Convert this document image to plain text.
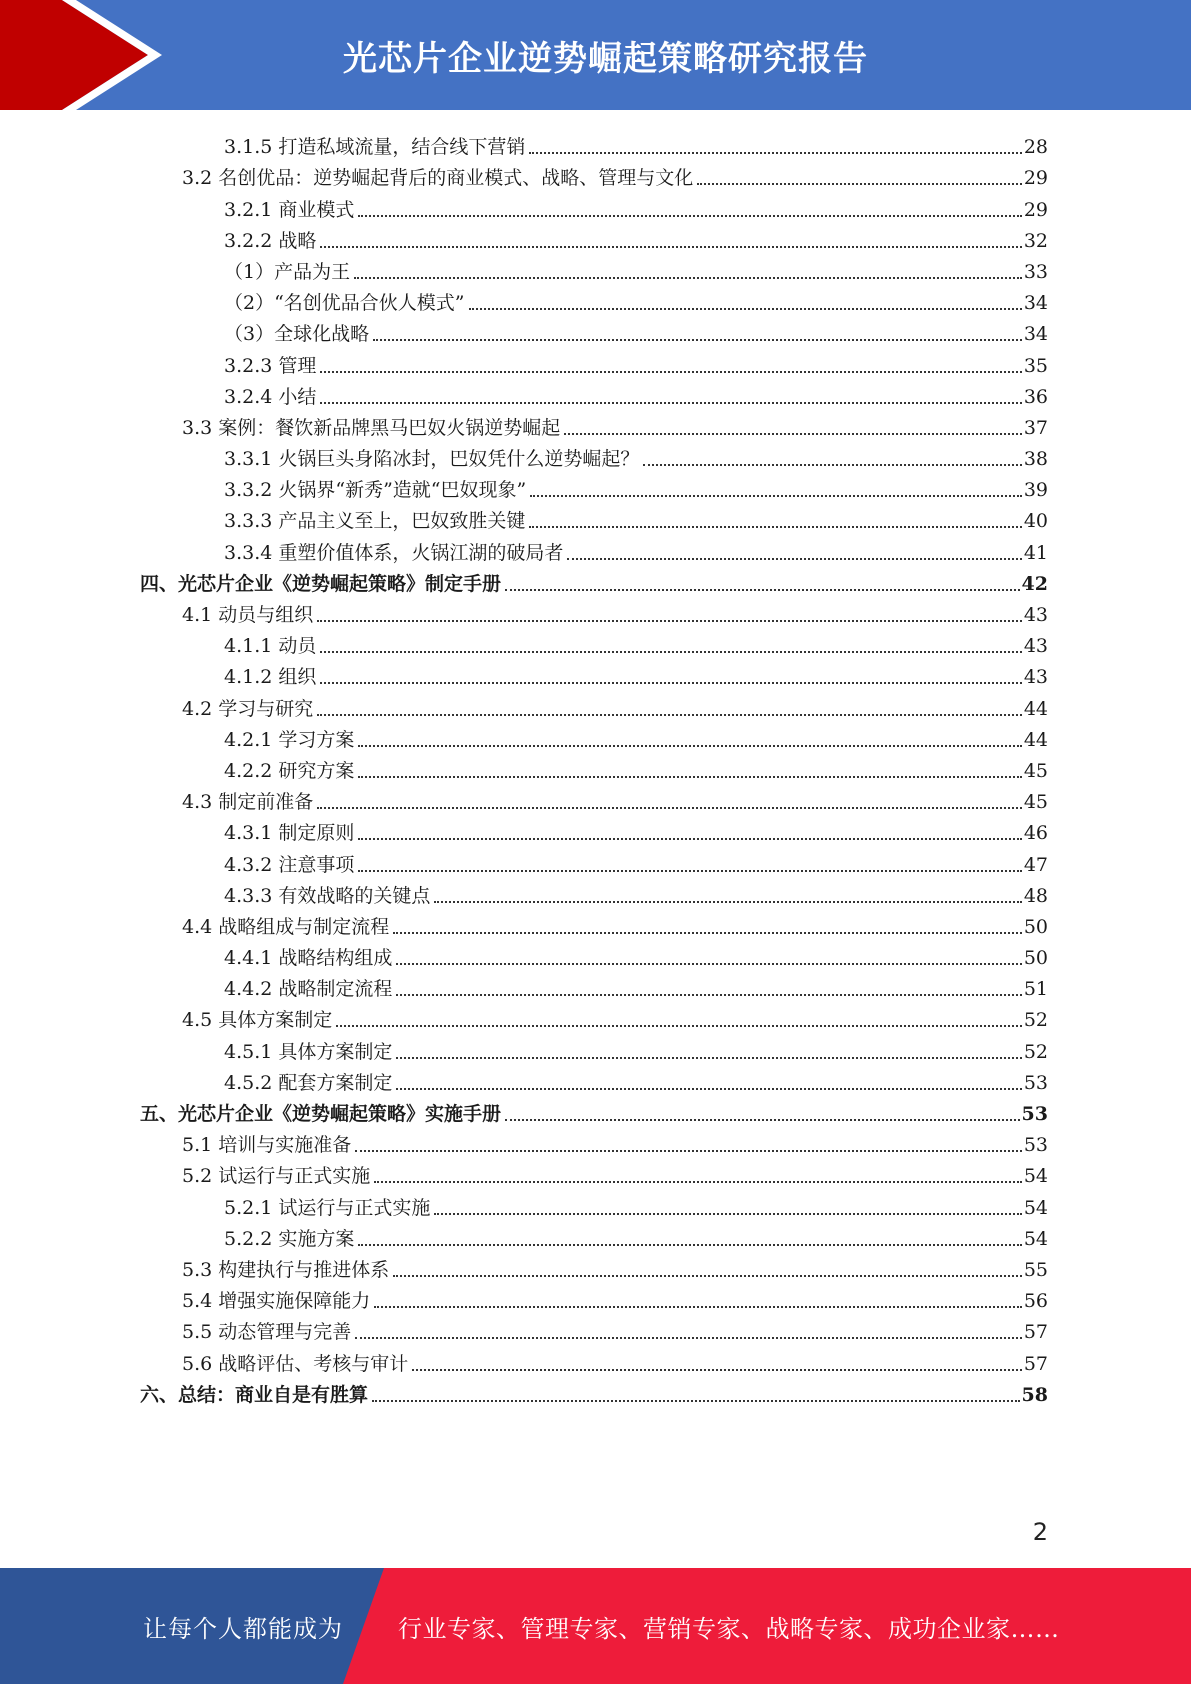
光芯片企业逆势崛起策略研究报告
3.1.5 打造私域流量，结合线下营销	28
3.2 名创优品：逆势崛起背后的商业模式、战略、管理与文化	29
3.2.1 商业模式	29
3.2.2 战略	32
（1）产品为王	33
（2）“名创优品合伙人模式”	34
（3）全球化战略	34
3.2.3 管理	35
3.2.4 小结	36
3.3 案例：餐饮新品牌黑马巴奴火锅逆势崛起	37
3.3.1 火锅巨头身陷冰封，巴奴凭什么逆势崛起？	38
3.3.2 火锅界“新秀”造就“巴奴现象”	39
3.3.3 产品主义至上，巴奴致胜关键	40
3.3.4 重塑价值体系，火锅江湖的破局者	41
四、光芯片企业《逆势崛起策略》制定手册	42
4.1 动员与组织	43
4.1.1 动员	43
4.1.2 组织	43
4.2 学习与研究	44
4.2.1 学习方案	44
4.2.2 研究方案	45
4.3 制定前准备	45
4.3.1 制定原则	46
4.3.2 注意事项	47
4.3.3 有效战略的关键点	48
4.4 战略组成与制定流程	50
4.4.1 战略结构组成	50
4.4.2 战略制定流程	51
4.5 具体方案制定	52
4.5.1 具体方案制定	52
4.5.2 配套方案制定	53
五、光芯片企业《逆势崛起策略》实施手册	53
5.1 培训与实施准备	53
5.2 试运行与正式实施	54
5.2.1 试运行与正式实施	54
5.2.2 实施方案	54
5.3 构建执行与推进体系	55
5.4 增强实施保障能力	56
5.5 动态管理与完善	57
5.6 战略评估、考核与审计	57
六、总结：商业自是有胜算	58
2
让每个人都能成为 行业专家、管理专家、营销专家、战略专家、成功企业家……
